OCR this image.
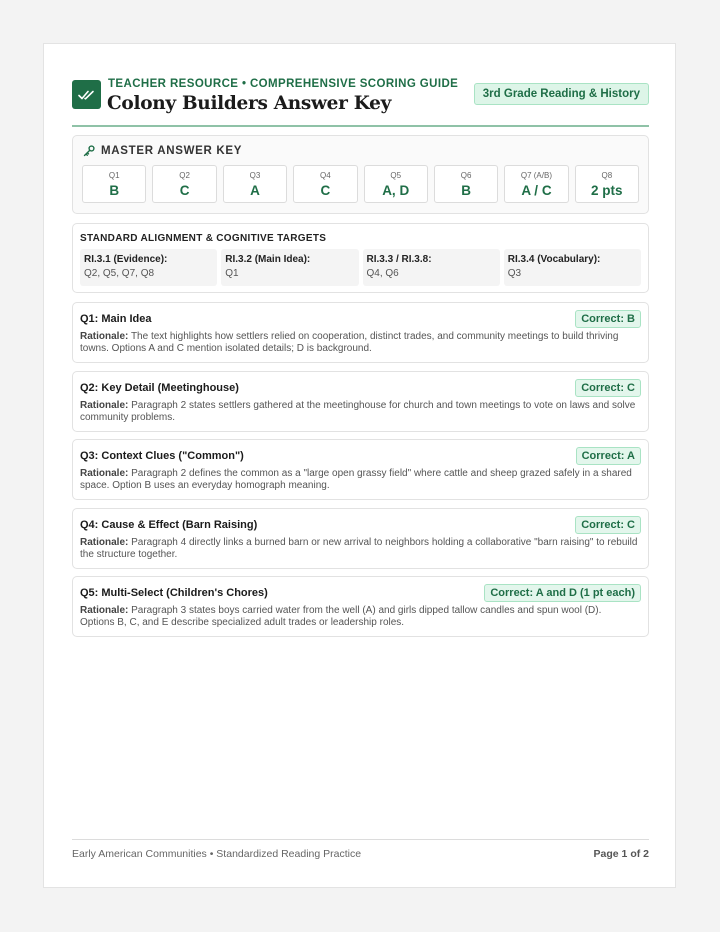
TEACHER RESOURCE • COMPREHENSIVE SCORING GUIDE
Colony Builders Answer Key	3rd Grade Reading & History
MASTER ANSWER KEY
Q1
B
Q2
C
Q3
A
Q4
C
Q5
A, D
Q6
B
Q7 (A/B)
A / C
Q8
2 pts
STANDARD ALIGNMENT & COGNITIVE TARGETS
RI.3.1 (Evidence):
Q2, Q5, Q7, Q8
RI.3.2 (Main Idea):
Q1
RI.3.3 / RI.3.8:
Q4, Q6
RI.3.4 (Vocabulary):
Q3
Q1: Main Idea	Correct: B
Rationale: The text highlights how settlers relied on cooperation, distinct trades, and community meetings to build thriving towns. Options A and C mention isolated details; D is background.
Q2: Key Detail (Meetinghouse)	Correct: C
Rationale: Paragraph 2 states settlers gathered at the meetinghouse for church and town meetings to vote on laws and solve community problems.
Q3: Context Clues ("Common")	Correct: A
Rationale: Paragraph 2 defines the common as a "large open grassy field" where cattle and sheep grazed safely in a shared space. Option B uses an everyday homograph meaning.
Q4: Cause & Effect (Barn Raising)	Correct: C
Rationale: Paragraph 4 directly links a burned barn or new arrival to neighbors holding a collaborative "barn raising" to rebuild the structure together.
Q5: Multi-Select (Children's Chores)	Correct: A and D (1 pt each)
Rationale: Paragraph 3 states boys carried water from the well (A) and girls dipped tallow candles and spun wool (D). Options B, C, and E describe specialized adult trades or leadership roles.
Early American Communities • Standardized Reading Practice	Page 1 of 2
